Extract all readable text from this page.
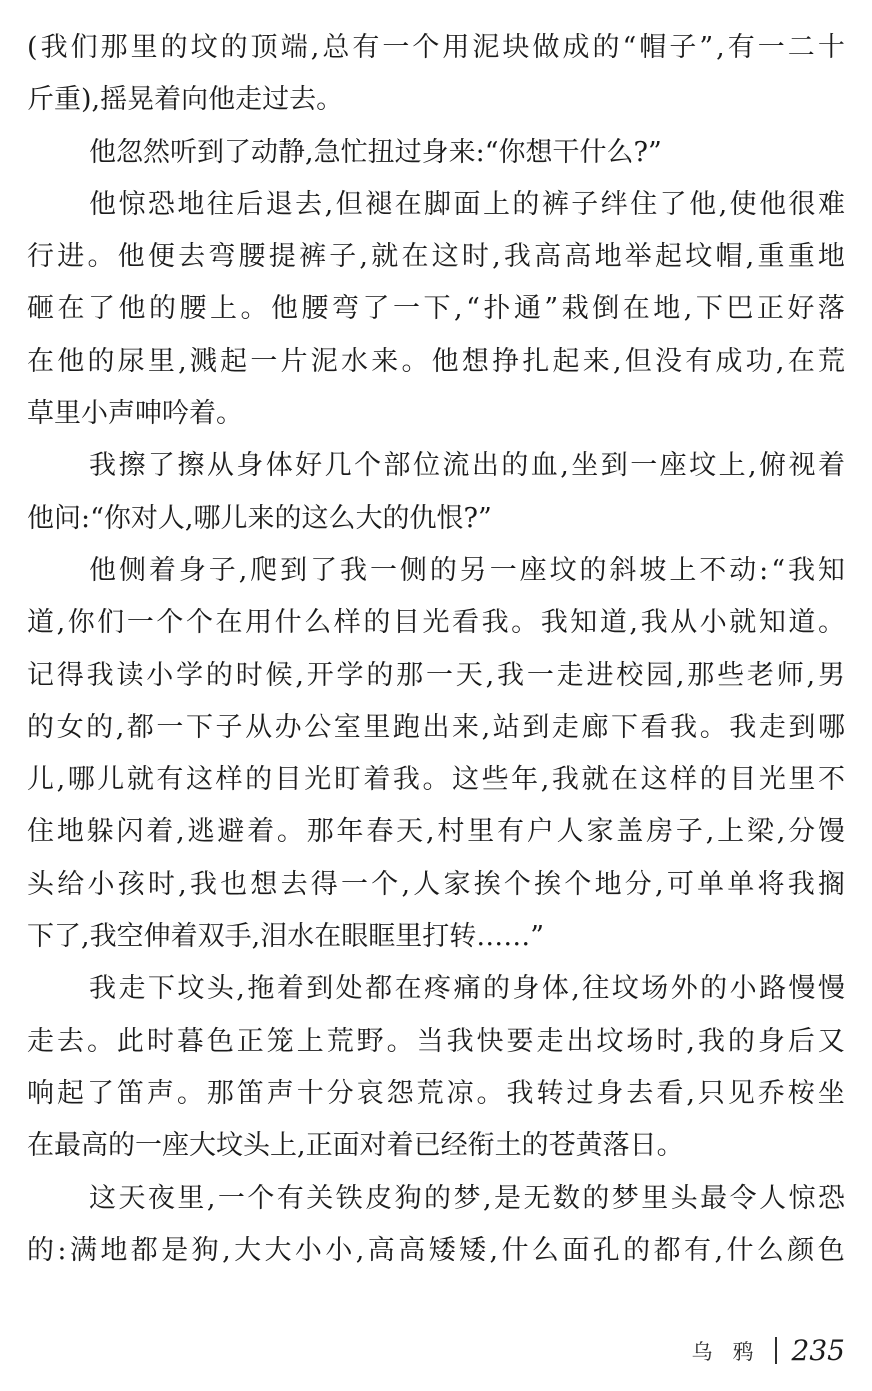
( 我 们 那 里 的 坟 的 顶 端 , 总 有 一 个 用 泥 块 做 成 的 “ 帽 子 ” , 有 一 二 十
斤 重 ) , 摇 晃 着 向 他 走 过 去 。
他 忽 然 听 到 了 动 静 , 急 忙 扭 过 身 来 : “ 你 想 干 什 么 ? ”
他 惊 恐 地 往 后 退 去 , 但 褪 在 脚 面 上 的 裤 子 绊 住 了 他 , 使 他 很 难
行 进 。 他 便 去 弯 腰 提 裤 子 , 就 在 这 时 , 我 高 高 地 举 起 坟 帽 , 重 重 地
砸 在 了 他 的 腰 上 。 他 腰 弯 了 一 下 , “ 扑 通 ” 栽 倒 在 地 , 下 巴 正 好 落
在 他 的 尿 里 , 溅 起 一 片 泥 水 来 。 他 想 挣 扎 起 来 , 但 没 有 成 功 , 在 荒
草 里 小 声 呻 吟 着 。
我 擦 了 擦 从 身 体 好 几 个 部 位 流 出 的 血 , 坐 到 一 座 坟 上 , 俯 视 着
他 问 : “ 你 对 人 , 哪 儿 来 的 这 么 大 的 仇 恨 ? ”
他 侧 着 身 子 , 爬 到 了 我 一 侧 的 另 一 座 坟 的 斜 坡 上 不 动 : “ 我 知
道 , 你 们 一 个 个 在 用 什 么 样 的 目 光 看 我 。 我 知 道 , 我 从 小 就 知 道 。
记 得 我 读 小 学 的 时 候 , 开 学 的 那 一 天 , 我 一 走 进 校 园 , 那 些 老 师 , 男
的 女 的 , 都 一 下 子 从 办 公 室 里 跑 出 来 , 站 到 走 廊 下 看 我 。 我 走 到 哪
儿 , 哪 儿 就 有 这 样 的 目 光 盯 着 我 。 这 些 年 , 我 就 在 这 样 的 目 光 里 不
住 地 躲 闪 着 , 逃 避 着 。 那 年 春 天 , 村 里 有 户 人 家 盖 房 子 , 上 梁 , 分 馒
头 给 小 孩 时 , 我 也 想 去 得 一 个 , 人 家 挨 个 挨 个 地 分 , 可 单 单 将 我 搁
下 了 , 我 空 伸 着 双 手 , 泪 水 在 眼 眶 里 打 转 … … ”
我 走 下 坟 头 , 拖 着 到 处 都 在 疼 痛 的 身 体 , 往 坟 场 外 的 小 路 慢 慢
走 去 。 此 时 暮 色 正 笼 上 荒 野 。 当 我 快 要 走 出 坟 场 时 , 我 的 身 后 又
响 起 了 笛 声 。 那 笛 声 十 分 哀 怨 荒 凉 。 我 转 过 身 去 看 , 只 见 乔 桉 坐
在 最 高 的 一 座 大 坟 头 上 , 正 面 对 着 已 经 衔 土 的 苍 黄 落 日 。
这 天 夜 里 , 一 个 有 关 铁 皮 狗 的 梦 , 是 无 数 的 梦 里 头 最 令 人 惊 恐
的 : 满 地 都 是 狗 , 大 大 小 小 , 高 高 矮 矮 , 什 么 面 孔 的 都 有 , 什 么 颜 色
乌鸦 235
